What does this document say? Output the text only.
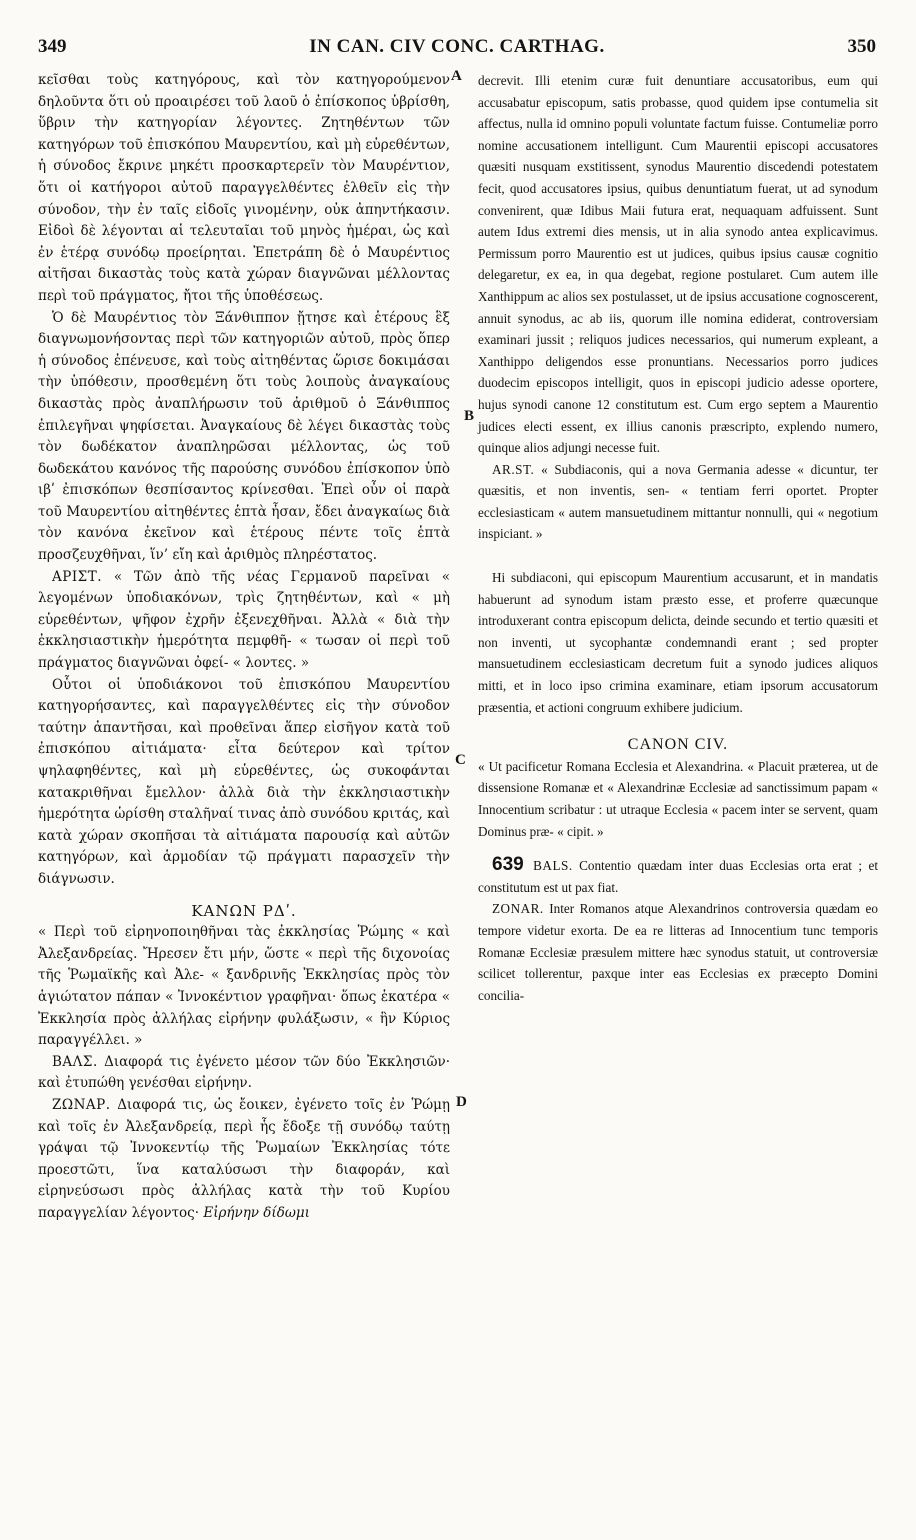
349	IN CAN. CIV CONC. CARTHAG.	350
A
B
C
D

κεῖσθαι τοὺς κατηγόρους, καὶ τὸν κατηγορούμενον δηλοῦντα ὅτι οὐ προαιρέσει τοῦ λαοῦ ὁ ἐπίσκοπος ὑβρίσθη, ὕβριν τὴν κατηγορίαν λέγοντες. Ζητηθέντων τῶν κατηγόρων τοῦ ἐπισκόπου Μαυρεντίου, καὶ μὴ εὑρεθέντων, ἡ σύνοδος ἔκρινε μηκέτι προσκαρτερεῖν τὸν Μαυρέντιον, ὅτι οἱ κατήγοροι αὐτοῦ παραγγελθέντες ἐλθεῖν εἰς τὴν σύνοδον, τὴν ἐν ταῖς εἰδοῖς γινομένην, οὐκ ἀπηντήκασιν. Εἰδοὶ δὲ λέγονται αἱ τελευταῖαι τοῦ μηνὸς ἡμέραι, ὡς καὶ ἐν ἑτέρᾳ συνόδῳ προείρηται. Ἐπετράπη δὲ ὁ Μαυρέντιος αἰτῆσαι δικαστὰς τοὺς κατὰ χώραν διαγνῶναι μέλλοντας περὶ τοῦ πράγματος, ἤτοι τῆς ὑποθέσεως.

Ὁ δὲ Μαυρέντιος τὸν Ξάνθιππον ᾔτησε καὶ ἑτέρους ἓξ διαγνωμονήσοντας περὶ τῶν κατηγοριῶν αὐτοῦ, πρὸς ὅπερ ἡ σύνοδος ἐπένευσε, καὶ τοὺς αἰτηθέντας ὥρισε δοκιμάσαι τὴν ὑπόθεσιν, προσθεμένη ὅτι τοὺς λοιποὺς ἀναγκαίους δικαστὰς πρὸς ἀναπλήρωσιν τοῦ ἀριθμοῦ ὁ Ξάνθιππος ἐπιλεγῆναι ψηφίσεται. Ἀναγκαίους δὲ λέγει δικαστὰς τοὺς τὸν δωδέκατον ἀναπληρῶσαι μέλλοντας, ὡς τοῦ δωδεκάτου κανόνος τῆς παρούσης συνόδου ἐπίσκοπον ὑπὸ ιβʹ ἐπισκόπων θεσπίσαντος κρίνεσθαι. Ἐπεὶ οὖν οἱ παρὰ τοῦ Μαυρεντίου αἰτηθέντες ἑπτὰ ἦσαν, ἔδει ἀναγκαίως διὰ τὸν κανόνα ἐκεῖνον καὶ ἑτέρους πέντε τοῖς ἑπτὰ προσζευχθῆναι, ἵν’ εἴη καὶ ἀριθμὸς πληρέστατος.

ΑΡΙΣΤ. « Τῶν ἀπὸ τῆς νέας Γερμανοῦ παρεῖναι « λεγομένων ὑποδιακόνων, τρὶς ζητηθέντων, καὶ « μὴ εὑρεθέντων, ψῆφον ἐχρῆν ἐξενεχθῆναι. Ἀλλὰ « διὰ τὴν ἐκκλησιαστικὴν ἡμερότητα πεμφθῆ- « τωσαν οἱ περὶ τοῦ πράγματος διαγνῶναι ὀφεί- « λοντες. »

Οὗτοι οἱ ὑποδιάκονοι τοῦ ἐπισκόπου Μαυρεντίου κατηγορήσαντες, καὶ παραγγελθέντες εἰς τὴν σύνοδον ταύτην ἀπαντῆσαι, καὶ προθεῖναι ἅπερ εἰσῆγον κατὰ τοῦ ἐπισκόπου αἰτιάματα· εἶτα δεύτερον καὶ τρίτον ψηλαφηθέντες, καὶ μὴ εὑρεθέντες, ὡς συκοφάνται κατακριθῆναι ἔμελλον· ἀλλὰ διὰ τὴν ἐκκλησιαστικὴν ἡμερότητα ὡρίσθη σταλῆναί τινας ἀπὸ συνόδου κριτάς, καὶ κατὰ χώραν σκοπῆσαι τὰ αἰτιάματα παρουσίᾳ καὶ αὐτῶν κατηγόρων, καὶ ἁρμοδίαν τῷ πράγματι παρασχεῖν τὴν διάγνωσιν.

ΚΑΝΩΝ ΡΔʹ.

« Περὶ τοῦ εἰρηνοποιηθῆναι τὰς ἐκκλησίας Ῥώμης « καὶ Ἀλεξανδρείας. Ἤρεσεν ἔτι μήν, ὥστε « περὶ τῆς διχονοίας τῆς Ῥωμαϊκῆς καὶ Ἀλε- « ξανδρινῆς Ἐκκλησίας πρὸς τὸν ἁγιώτατον πάπαν « Ἰννοκέντιον γραφῆναι· ὅπως ἑκατέρα « Ἐκκλησία πρὸς ἀλλήλας εἰρήνην φυλάξωσιν, « ἣν Κύριος παραγγέλλει. »

ΒΑΛΣ. Διαφορά τις ἐγένετο μέσον τῶν δύο Ἐκκλησιῶν· καὶ ἐτυπώθη γενέσθαι εἰρήνην.

ΖΩΝΑΡ. Διαφορά τις, ὡς ἔοικεν, ἐγένετο τοῖς ἐν Ῥώμῃ καὶ τοῖς ἐν Ἀλεξανδρείᾳ, περὶ ἧς ἔδοξε τῇ συνόδῳ ταύτῃ γράψαι τῷ Ἰννοκεντίῳ τῆς Ῥωμαίων Ἐκκλησίας τότε προεστῶτι, ἵνα καταλύσωσι τὴν διαφοράν, καὶ εἰρηνεύσωσι πρὸς ἀλλήλας κατὰ τὴν τοῦ Κυρίου παραγγελίαν λέγοντος· Εἰρήνην δίδωμι

decrevit. Illi etenim curæ fuit denuntiare accusatoribus, eum qui accusabatur episcopum, satis probasse, quod quidem ipse contumelia sit affectus, nulla id omnino populi voluntate factum fuisse. Contumeliæ porro nomine accusationem intelligunt. Cum Maurentii episcopi accusatores quæsiti nusquam exstitissent, synodus Maurentio discedendi potestatem fecit, quod accusatores ipsius, quibus denuntiatum fuerat, ut ad synodum convenirent, quæ Idibus Maii futura erat, nequaquam adfuissent. Sunt autem Idus extremi dies mensis, ut in alia synodo antea explicavimus. Permissum porro Maurentio est ut judices, quibus ipsius causæ cognitio delegaretur, ex ea, in qua degebat, regione postularet. Cum autem ille Xanthippum ac alios sex postulasset, ut de ipsius accusatione cognoscerent, annuit synodus, ac ab iis, quorum ille nomina ediderat, controversiam examinari jussit ; reliquos judices necessarios, qui numerum expleant, a Xanthippo deligendos esse pronuntians. Necessarios porro judices duodecim episcopos intelligit, quos in episcopi judicio adesse oportere, hujus synodi canone 12 constitutum est. Cum ergo septem a Maurentio judices electi essent, ex illius canonis præscripto, explendo numero, quinque alios adjungi necesse fuit.

AR.ST. « Subdiaconis, qui a nova Germania adesse « dicuntur, ter quæsitis, et non inventis, sen- « tentiam ferri oportet. Propter ecclesiasticam « autem mansuetudinem mittantur nonnulli, qui « negotium inspiciant. »

Hi subdiaconi, qui episcopum Maurentium accusarunt, et in mandatis habuerunt ad synodum istam præsto esse, et proferre quæcunque introduxerant contra episcopum delicta, deinde secundo et tertio quæsiti et non inventi, ut sycophantæ condemnandi erant ; sed propter mansuetudinem ecclesiasticam decretum fuit a synodo judices aliquos mitti, et in loco ipso crimina examinare, etiam ipsorum accusatorum præsentia, et actioni congruum exhibere judicium.

CANON CIV.

« Ut pacificetur Romana Ecclesia et Alexandrina. « Placuit præterea, ut de dissensione Romanæ et « Alexandrinæ Ecclesiæ ad sanctissimum papam « Innocentium scribatur : ut utraque Ecclesia « pacem inter se servent, quam Dominus præ- « cipit. »

639 BALS. Contentio quædam inter duas Ecclesias orta erat ; et constitutum est ut pax fiat.

ZONAR. Inter Romanos atque Alexandrinos controversia quædam eo tempore videtur exorta. De ea re litteras ad Innocentium tunc temporis Romanæ Ecclesiæ præsulem mittere hæc synodus statuit, ut controversiæ scilicet tollerentur, paxque inter eas Ecclesias ex præcepto Domini concilia-
